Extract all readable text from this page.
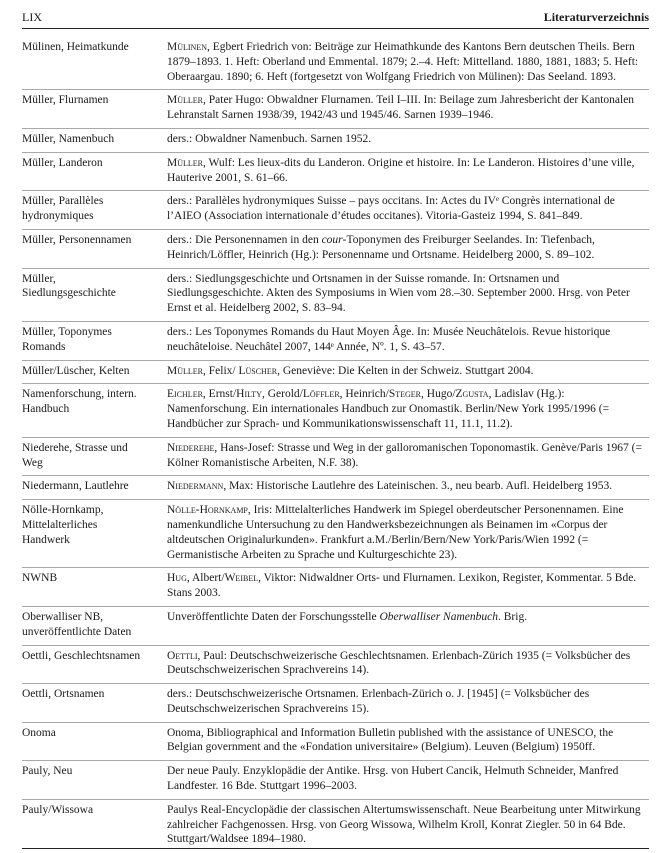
LIX	Literaturverzeichnis
Mülinen, Heimatkunde	Mülinen, Egbert Friedrich von: Beiträge zur Heimathkunde des Kantons Bern deutschen Theils. Bern 1879–1893. 1. Heft: Oberland und Emmental. 1879; 2.–4. Heft: Mittelland. 1880, 1881, 1883; 5. Heft: Oberaargau. 1890; 6. Heft (fortgesetzt von Wolfgang Friedrich von Mülinen): Das Seeland. 1893.
Müller, Flurnamen	Müller, Pater Hugo: Obwaldner Flurnamen. Teil I–III. In: Beilage zum Jahresbericht der Kantonalen Lehranstalt Sarnen 1938/39, 1942/43 und 1945/46. Sarnen 1939–1946.
Müller, Namenbuch	ders.: Obwaldner Namenbuch. Sarnen 1952.
Müller, Landeron	Müller, Wulf: Les lieux-dits du Landeron. Origine et histoire. In: Le Landeron. Histoires d’une ville, Hauterive 2001, S. 61–66.
Müller, Parallèles hydronymiques	ders.: Parallèles hydronymiques Suisse – pays occitans. In: Actes du IVᵉ Congrès international de l’AIEO (Association internationale d’études occitanes). Vitoria-Gasteiz 1994, S. 841–849.
Müller, Personennamen	ders.: Die Personennamen in den cour-Toponymen des Freiburger Seelandes. In: Tiefenbach, Heinrich/Löffler, Heinrich (Hg.): Personenname und Ortsname. Heidelberg 2000, S. 89–102.
Müller, Siedlungsgeschichte	ders.: Siedlungsgeschichte und Ortsnamen in der Suisse romande. In: Ortsnamen und Siedlungsgeschichte. Akten des Symposiums in Wien vom 28.–30. September 2000. Hrsg. von Peter Ernst et al. Heidelberg 2002, S. 83–94.
Müller, Toponymes Romands	ders.: Les Toponymes Romands du Haut Moyen Âge. In: Musée Neuchâtelois. Revue historique neuchâteloise. Neuchâtel 2007, 144ᵉ Année, Nº. 1, S. 43–57.
Müller/Lüscher, Kelten	Müller, Felix/ Lüscher, Geneviève: Die Kelten in der Schweiz. Stuttgart 2004.
Namenforschung, intern. Handbuch	Eichler, Ernst/Hilty, Gerold/Löffler, Heinrich/Steger, Hugo/Zgusta, Ladislav (Hg.): Namenforschung. Ein internationales Handbuch zur Onomastik. Berlin/New York 1995/1996 (= Handbücher zur Sprach- und Kommunikationswissenschaft 11, 11.1, 11.2).
Niederehe, Strasse und Weg	Niederehe, Hans-Josef: Strasse und Weg in der galloromanischen Toponomastik. Genève/Paris 1967 (= Kölner Romanistische Arbeiten, N.F. 38).
Niedermann, Lautlehre	Niedermann, Max: Historische Lautlehre des Lateinischen. 3., neu bearb. Aufl. Heidelberg 1953.
Nölle-Hornkamp, Mittelalterliches Handwerk	Nölle-Hornkamp, Iris: Mittelalterliches Handwerk im Spiegel oberdeutscher Personennamen. Eine namenkundliche Untersuchung zu den Handwerksbezeichnungen als Beinamen im «Corpus der altdeutschen Originalurkunden». Frankfurt a.M./Berlin/Bern/New York/Paris/Wien 1992 (= Germanistische Arbeiten zu Sprache und Kulturgeschichte 23).
NWNB	Hug, Albert/Weibel, Viktor: Nidwaldner Orts- und Flurnamen. Lexikon, Register, Kommentar. 5 Bde. Stans 2003.
Oberwalliser NB, unveröffentlichte Daten	Unveröffentlichte Daten der Forschungsstelle Oberwalliser Namenbuch. Brig.
Oettli, Geschlechtsnamen	Oettli, Paul: Deutschschweizerische Geschlechtsnamen. Erlenbach-Zürich 1935 (= Volksbücher des Deutschschweizerischen Sprachvereins 14).
Oettli, Ortsnamen	ders.: Deutschschweizerische Ortsnamen. Erlenbach-Zürich o. J. [1945] (= Volksbücher des Deutschschweizerischen Sprachvereins 15).
Onoma	Onoma, Bibliographical and Information Bulletin published with the assistance of UNESCO, the Belgian government and the «Fondation universitaire» (Belgium). Leuven (Belgium) 1950ff.
Pauly, Neu	Der neue Pauly. Enzyklopädie der Antike. Hrsg. von Hubert Cancik, Helmuth Schneider, Manfred Landfester. 16 Bde. Stuttgart 1996–2003.
Pauly/Wissowa	Paulys Real-Encyclopädie der classischen Altertumswissenschaft. Neue Bearbeitung unter Mitwirkung zahlreicher Fachgenossen. Hrsg. von Georg Wissowa, Wilhelm Kroll, Konrat Ziegler. 50 in 64 Bde. Stuttgart/Waldsee 1894–1980.
